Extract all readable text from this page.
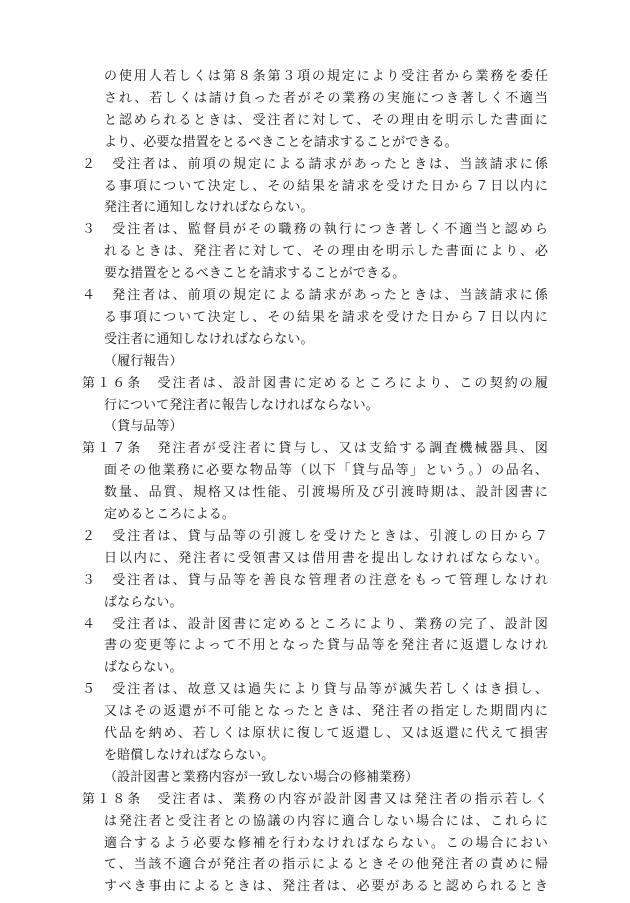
の使用人若しくは第８条第３項の規定により受注者から業務を委任
され、若しくは請け負った者がその業務の実施につき著しく不適当
と認められるときは、受注者に対して、その理由を明示した書面に
より、必要な措置をとるべきことを請求することができる。
２　受注者は、前項の規定による請求があったときは、当該請求に係
る事項について決定し、その結果を請求を受けた日から７日以内に
発注者に通知しなければならない。
３　受注者は、監督員がその職務の執行につき著しく不適当と認めら
れるときは、発注者に対して、その理由を明示した書面により、必
要な措置をとるべきことを請求することができる。
４　発注者は、前項の規定による請求があったときは、当該請求に係
る事項について決定し、その結果を請求を受けた日から７日以内に
受注者に通知しなければならない。
（履行報告）
第１６条　受注者は、設計図書に定めるところにより、この契約の履
行について発注者に報告しなければならない。
（貸与品等）
第１７条　発注者が受注者に貸与し、又は支給する調査機械器具、図
面その他業務に必要な物品等（以下「貸与品等」という。）の品名、
数量、品質、規格又は性能、引渡場所及び引渡時期は、設計図書に
定めるところによる。
２　受注者は、貸与品等の引渡しを受けたときは、引渡しの日から７
日以内に、発注者に受領書又は借用書を提出しなければならない。
３　受注者は、貸与品等を善良な管理者の注意をもって管理しなけれ
ばならない。
４　受注者は、設計図書に定めるところにより、業務の完了、設計図
書の変更等によって不用となった貸与品等を発注者に返還しなけれ
ばならない。
５　受注者は、故意又は過失により貸与品等が滅失若しくはき損し、
又はその返還が不可能となったときは、発注者の指定した期間内に
代品を納め、若しくは原状に復して返還し、又は返還に代えて損害
を賠償しなければならない。
（設計図書と業務内容が一致しない場合の修補業務）
第１８条　受注者は、業務の内容が設計図書又は発注者の指示若しく
は発注者と受注者との協議の内容に適合しない場合には、これらに
適合するよう必要な修補を行わなければならない。この場合におい
て、当該不適合が発注者の指示によるときその他発注者の責めに帰
すべき事由によるときは、発注者は、必要があると認められるとき
